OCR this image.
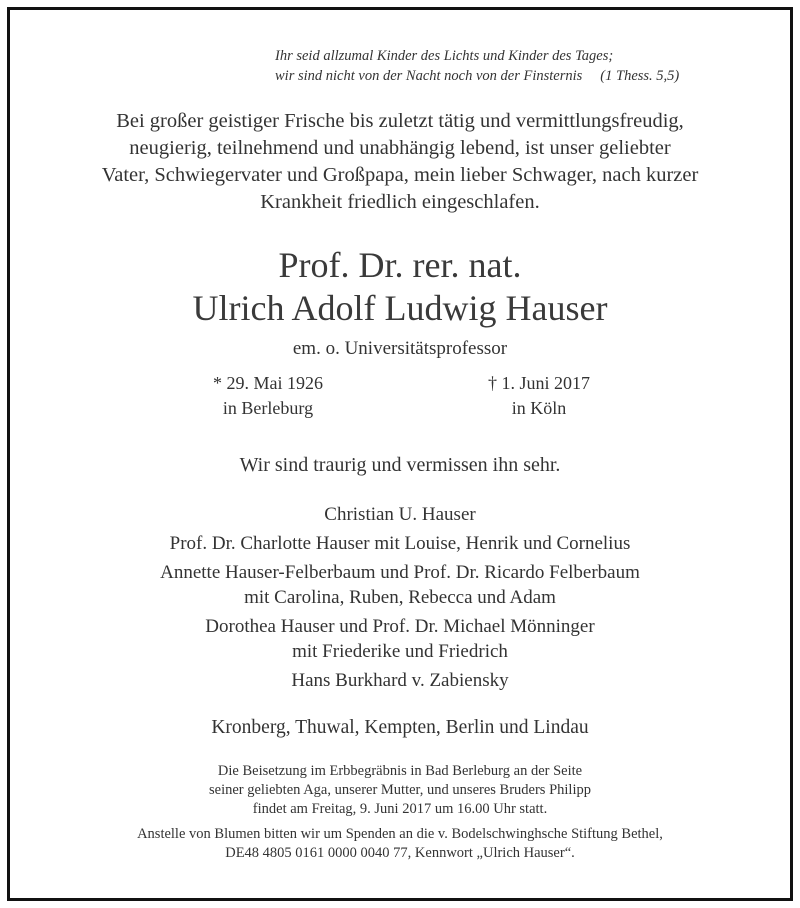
Ihr seid allzumal Kinder des Lichts und Kinder des Tages;
wir sind nicht von der Nacht noch von der Finsternis (1 Thess. 5,5)
Bei großer geistiger Frische bis zuletzt tätig und vermittlungsfreudig,
neugierig, teilnehmend und unabhängig lebend, ist unser geliebter
Vater, Schwiegervater und Großpapa, mein lieber Schwager, nach kurzer
Krankheit friedlich eingeschlafen.
Prof. Dr. rer. nat.
Ulrich Adolf Ludwig Hauser
em. o. Universitätsprofessor
* 29. Mai 1926
in Berleburg
† 1. Juni 2017
in Köln
Wir sind traurig und vermissen ihn sehr.
Christian U. Hauser
Prof. Dr. Charlotte Hauser mit Louise, Henrik und Cornelius
Annette Hauser-Felberbaum und Prof. Dr. Ricardo Felberbaum
mit Carolina, Ruben, Rebecca und Adam
Dorothea Hauser und Prof. Dr. Michael Mönninger
mit Friederike und Friedrich
Hans Burkhard v. Zabiensky
Kronberg, Thuwal, Kempten, Berlin und Lindau
Die Beisetzung im Erbbegräbnis in Bad Berleburg an der Seite
seiner geliebten Aga, unserer Mutter, und unseres Bruders Philipp
findet am Freitag, 9. Juni 2017 um 16.00 Uhr statt.
Anstelle von Blumen bitten wir um Spenden an die v. Bodelschwinghsche Stiftung Bethel,
DE48 4805 0161 0000 0040 77, Kennwort „Ulrich Hauser“.
